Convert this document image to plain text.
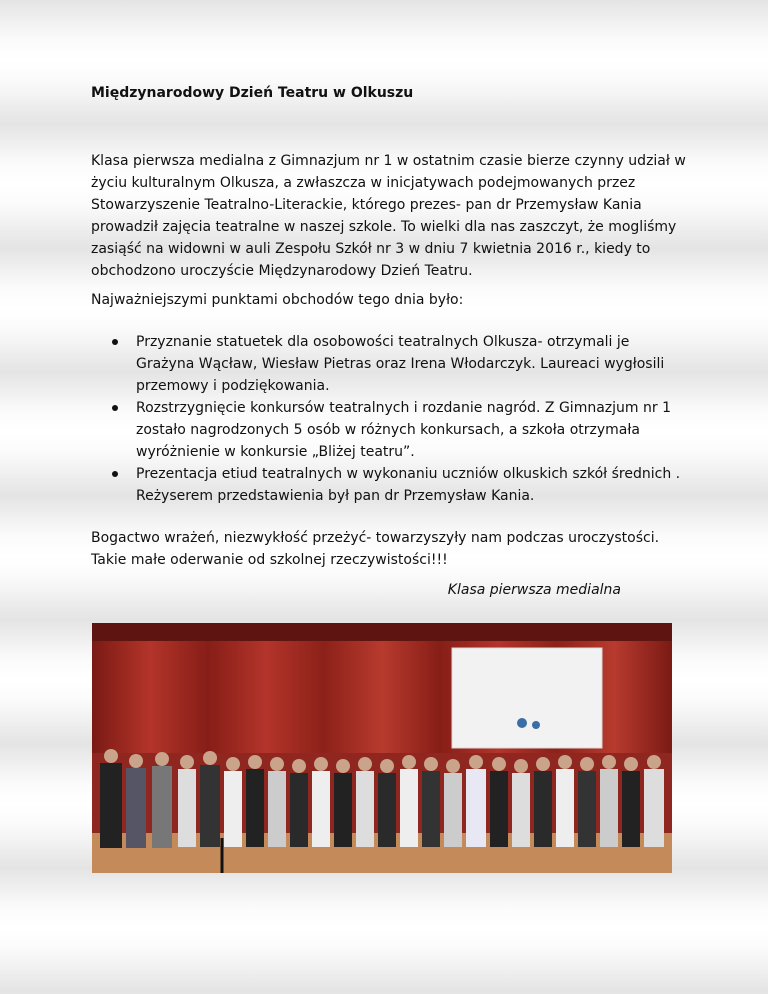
Międzynarodowy Dzień Teatru w Olkuszu

Klasa pierwsza medialna z Gimnazjum nr 1 w ostatnim czasie bierze czynny udział w życiu kulturalnym Olkusza, a zwłaszcza w inicjatywach podejmowanych przez Stowarzyszenie Teatralno-Literackie, którego prezes- pan dr Przemysław Kania prowadził zajęcia teatralne w naszej szkole. To wielki dla nas zaszczyt, że mogliśmy zasiąść na widowni w auli Zespołu Szkół nr 3 w dniu 7 kwietnia 2016 r., kiedy to obchodzono uroczyście Międzynarodowy Dzień Teatru.

Najważniejszymi punktami obchodów tego dnia było:

Przyznanie statuetek dla osobowości teatralnych Olkusza- otrzymali je Grażyna Wącław, Wiesław Pietras oraz Irena Włodarczyk. Laureaci wygłosili przemowy i podziękowania.
Rozstrzygnięcie konkursów teatralnych i rozdanie nagród. Z Gimnazjum nr 1 zostało nagrodzonych 5 osób w różnych konkursach, a szkoła otrzymała wyróżnienie w konkursie „Bliżej teatru”.
Prezentacja etiud teatralnych w wykonaniu uczniów olkuskich szkół średnich . Reżyserem przedstawienia był pan dr Przemysław Kania.

Bogactwo wrażeń, niezwykłość przeżyć- towarzyszyły nam podczas uroczystości. Takie małe oderwanie od szkolnej rzeczywistości!!!

Klasa pierwsza medialna
